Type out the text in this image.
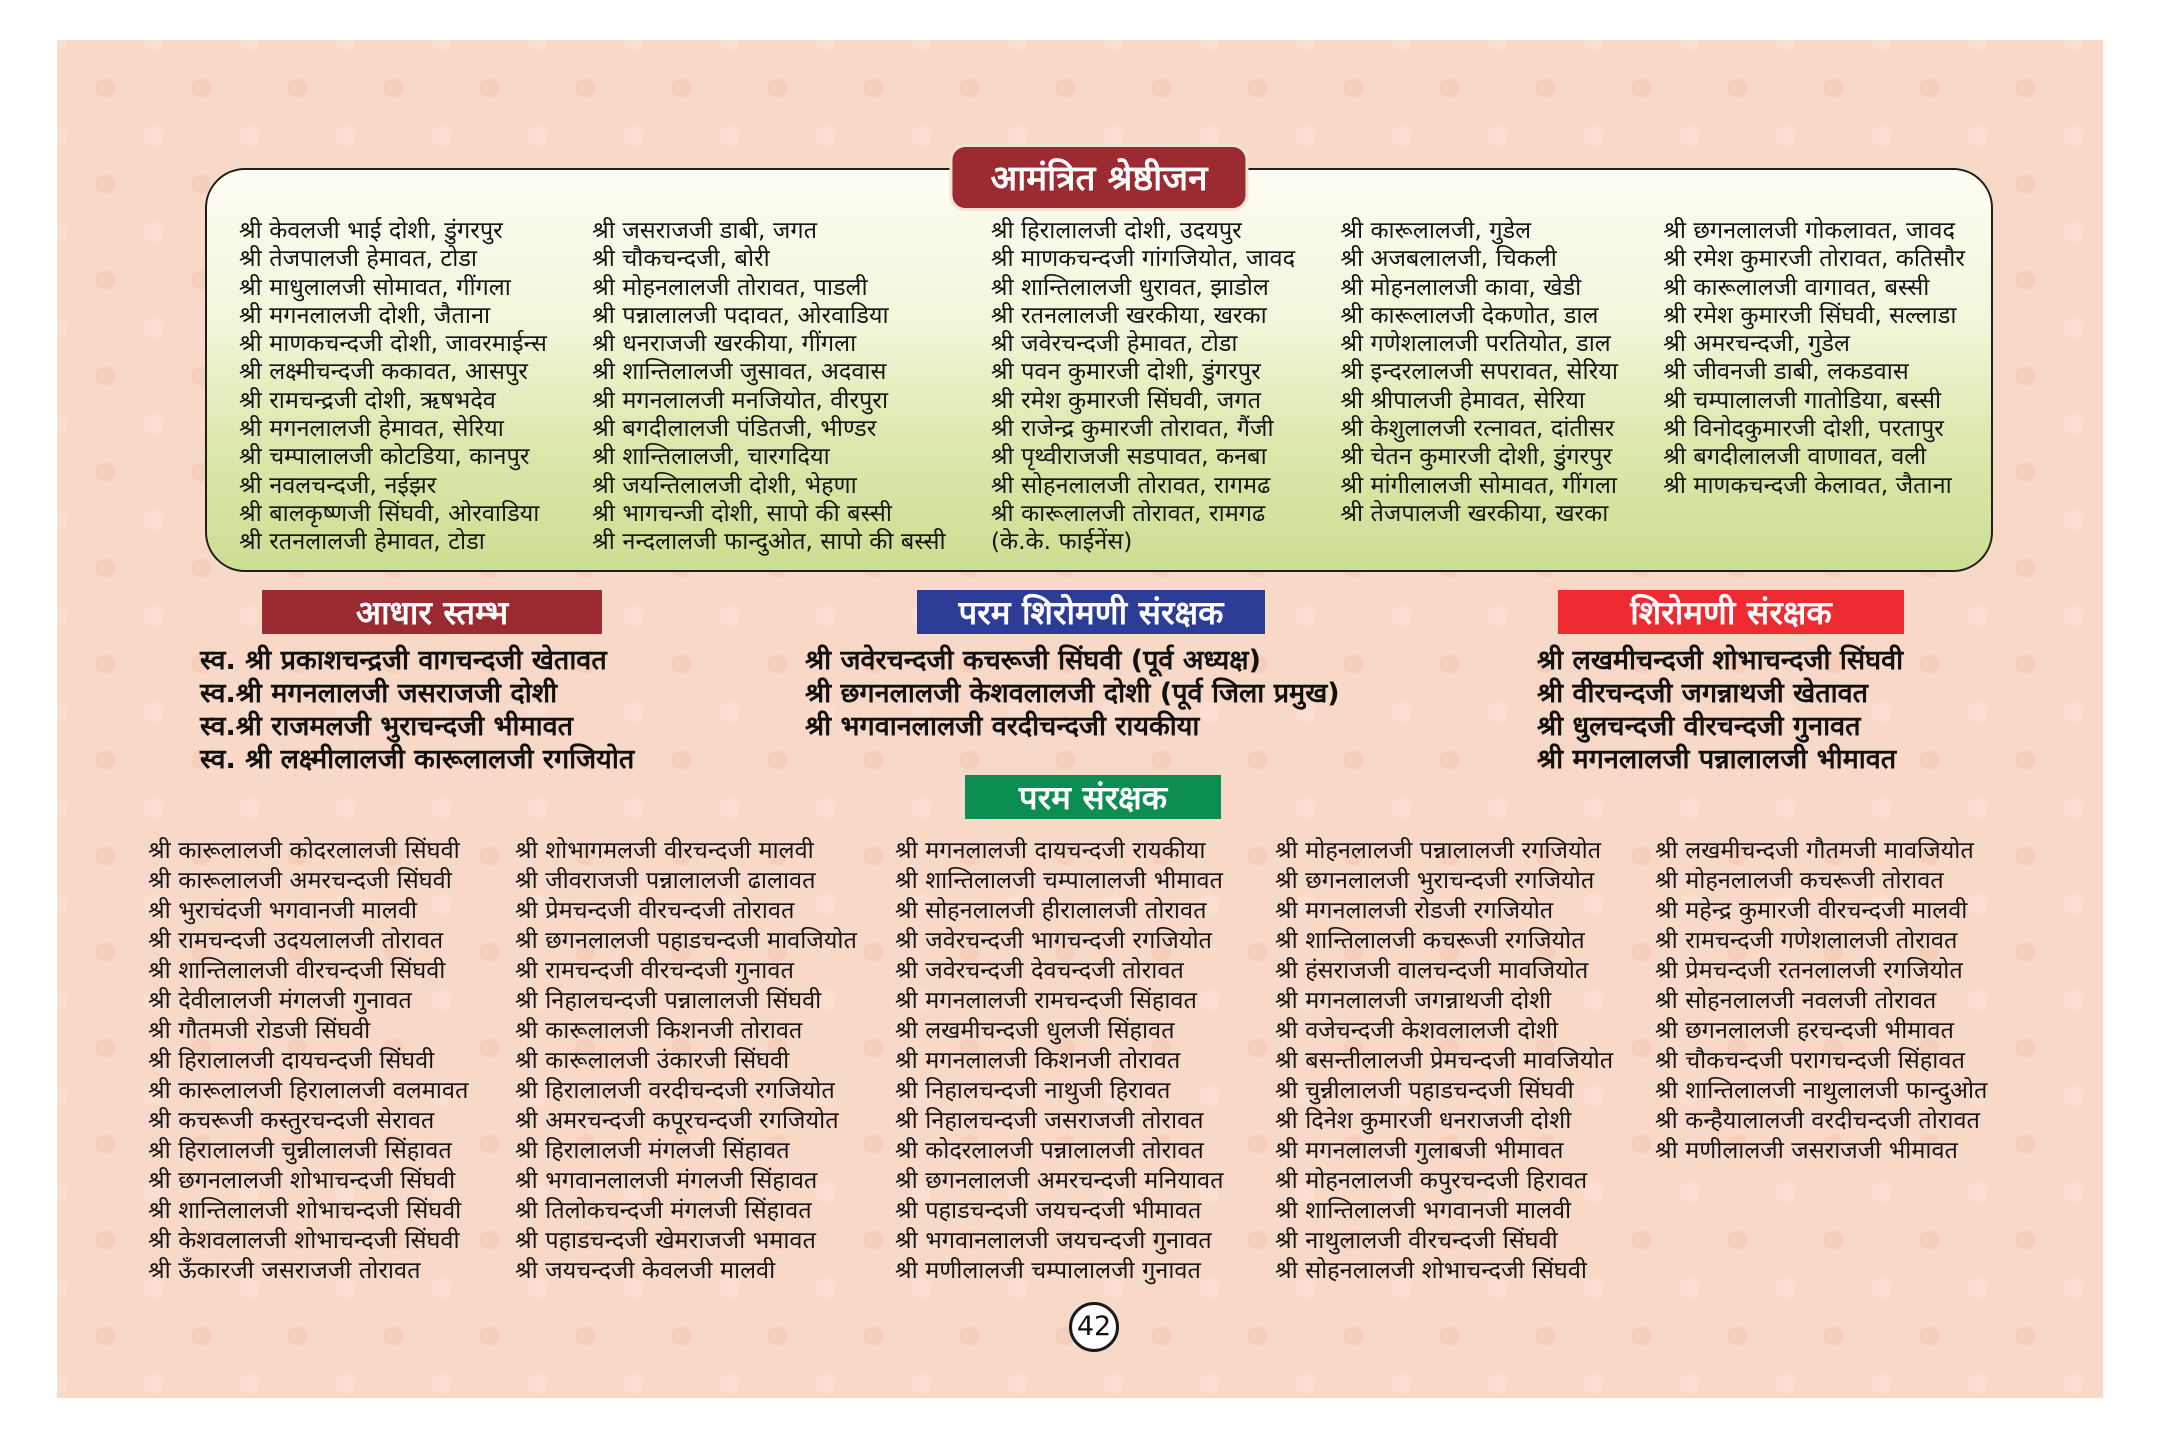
आमंत्रित श्रेष्ठीजन
श्री केवलजी भाई दोशी, डुंगरपुर
श्री तेजपालजी हेमावत, टोडा
श्री माधुलालजी सोमावत, गींगला
श्री मगनलालजी दोशी, जैताना
श्री माणकचन्दजी दोशी, जावरमाईन्स
श्री लक्ष्मीचन्दजी ककावत, आसपुर
श्री रामचन्द्रजी दोशी, ऋषभदेव
श्री मगनलालजी हेमावत, सेरिया
श्री चम्पालालजी कोटडिया, कानपुर
श्री नवलचन्दजी, नईझर
श्री बालकृष्णजी सिंघवी, ओरवाडिया
श्री रतनलालजी हेमावत, टोडा
श्री जसराजजी डाबी, जगत
श्री चौकचन्दजी, बोरी
श्री मोहनलालजी तोरावत, पाडली
श्री पन्नालालजी पदावत, ओरवाडिया
श्री धनराजजी खरकीया, गींगला
श्री शान्तिलालजी जुसावत, अदवास
श्री मगनलालजी मनजियोत, वीरपुरा
श्री बगदीलालजी पंडितजी, भीण्डर
श्री शान्तिलालजी, चारगदिया
श्री जयन्तिलालजी दोशी, भेहणा
श्री भागचन्जी दोशी, सापो की बस्सी
श्री नन्दलालजी फान्दुओत, सापो की बस्सी
श्री हिरालालजी दोशी, उदयपुर
श्री माणकचन्दजी गांगजियोत, जावद
श्री शान्तिलालजी धुरावत, झाडोल
श्री रतनलालजी खरकीया, खरका
श्री जवेरचन्दजी हेमावत, टोडा
श्री पवन कुमारजी दोशी, डुंगरपुर
श्री रमेश कुमारजी सिंघवी, जगत
श्री राजेन्द्र कुमारजी तोरावत, गैंजी
श्री पृथ्वीराजजी सडपावत, कनबा
श्री सोहनलालजी तोरावत, रागमढ
श्री कारूलालजी तोरावत, रामगढ
(के.के. फाईनेंस)
श्री कारूलालजी, गुडेल
श्री अजबलालजी, चिकली
श्री मोहनलालजी कावा, खेडी
श्री कारूलालजी देकणोत, डाल
श्री गणेशलालजी परतियोत, डाल
श्री इन्दरलालजी सपरावत, सेरिया
श्री श्रीपालजी हेमावत, सेरिया
श्री केशुलालजी रत्नावत, दांतीसर
श्री चेतन कुमारजी दोशी, डुंगरपुर
श्री मांगीलालजी सोमावत, गींगला
श्री तेजपालजी खरकीया, खरका
श्री छगनलालजी गोकलावत, जावद
श्री रमेश कुमारजी तोरावत, कतिसौर
श्री कारूलालजी वागावत, बस्सी
श्री रमेश कुमारजी सिंघवी, सल्लाडा
श्री अमरचन्दजी, गुडेल
श्री जीवनजी डाबी, लकडवास
श्री चम्पालालजी गातोडिया, बस्सी
श्री विनोदकुमारजी दोशी, परतापुर
श्री बगदीलालजी वाणावत, वली
श्री माणकचन्दजी केलावत, जैताना
आधार स्तम्भ
स्व. श्री प्रकाशचन्द्रजी वागचन्दजी खेतावत
स्व.श्री मगनलालजी जसराजजी दोशी
स्व.श्री राजमलजी भुराचन्दजी भीमावत
स्व. श्री लक्ष्मीलालजी कारूलालजी रगजियोत
परम शिरोमणी संरक्षक
श्री जवेरचन्दजी कचरूजी सिंघवी (पूर्व अध्यक्ष)
श्री छगनलालजी केशवलालजी दोशी (पूर्व जिला प्रमुख)
श्री भगवानलालजी वरदीचन्दजी रायकीया
शिरोमणी संरक्षक
श्री लखमीचन्दजी शोभाचन्दजी सिंघवी
श्री वीरचन्दजी जगन्नाथजी खेतावत
श्री धुलचन्दजी वीरचन्दजी गुनावत
श्री मगनलालजी पन्नालालजी भीमावत
परम संरक्षक
श्री कारूलालजी कोदरलालजी सिंघवी
श्री कारूलालजी अमरचन्दजी सिंघवी
श्री भुराचंदजी भगवानजी मालवी
श्री रामचन्दजी उदयलालजी तोरावत
श्री शान्तिलालजी वीरचन्दजी सिंघवी
श्री देवीलालजी मंगलजी गुनावत
श्री गौतमजी रोडजी सिंघवी
श्री हिरालालजी दायचन्दजी सिंघवी
श्री कारूलालजी हिरालालजी वलमावत
श्री कचरूजी कस्तुरचन्दजी सेरावत
श्री हिरालालजी चुन्नीलालजी सिंहावत
श्री छगनलालजी शोभाचन्दजी सिंघवी
श्री शान्तिलालजी शोभाचन्दजी सिंघवी
श्री केशवलालजी शोभाचन्दजी सिंघवी
श्री ऊँकारजी जसराजजी तोरावत
श्री शोभागमलजी वीरचन्दजी मालवी
श्री जीवराजजी पन्नालालजी ढालावत
श्री प्रेमचन्दजी वीरचन्दजी तोरावत
श्री छगनलालजी पहाडचन्दजी मावजियोत
श्री रामचन्दजी वीरचन्दजी गुनावत
श्री निहालचन्दजी पन्नालालजी सिंघवी
श्री कारूलालजी किशनजी तोरावत
श्री कारूलालजी उंकारजी सिंघवी
श्री हिरालालजी वरदीचन्दजी रगजियोत
श्री अमरचन्दजी कपूरचन्दजी रगजियोत
श्री हिरालालजी मंगलजी सिंहावत
श्री भगवानलालजी मंगलजी सिंहावत
श्री तिलोकचन्दजी मंगलजी सिंहावत
श्री पहाडचन्दजी खेमराजजी भमावत
श्री जयचन्दजी केवलजी मालवी
श्री मगनलालजी दायचन्दजी रायकीया
श्री शान्तिलालजी चम्पालालजी भीमावत
श्री सोहनलालजी हीरालालजी तोरावत
श्री जवेरचन्दजी भागचन्दजी रगजियोत
श्री जवेरचन्दजी देवचन्दजी तोरावत
श्री मगनलालजी रामचन्दजी सिंहावत
श्री लखमीचन्दजी धुलजी सिंहावत
श्री मगनलालजी किशनजी तोरावत
श्री निहालचन्दजी नाथुजी हिरावत
श्री निहालचन्दजी जसराजजी तोरावत
श्री कोदरलालजी पन्नालालजी तोरावत
श्री छगनलालजी अमरचन्दजी मनियावत
श्री पहाडचन्दजी जयचन्दजी भीमावत
श्री भगवानलालजी जयचन्दजी गुनावत
श्री मणीलालजी चम्पालालजी गुनावत
श्री मोहनलालजी पन्नालालजी रगजियोत
श्री छगनलालजी भुराचन्दजी रगजियोत
श्री मगनलालजी रोडजी रगजियोत
श्री शान्तिलालजी कचरूजी रगजियोत
श्री हंसराजजी वालचन्दजी मावजियोत
श्री मगनलालजी जगन्नाथजी दोशी
श्री वजेचन्दजी केशवलालजी दोशी
श्री बसन्तीलालजी प्रेमचन्दजी मावजियोत
श्री चुन्नीलालजी पहाडचन्दजी सिंघवी
श्री दिनेश कुमारजी धनराजजी दोशी
श्री मगनलालजी गुलाबजी भीमावत
श्री मोहनलालजी कपुरचन्दजी हिरावत
श्री शान्तिलालजी भगवानजी मालवी
श्री नाथुलालजी वीरचन्दजी सिंघवी
श्री सोहनलालजी शोभाचन्दजी सिंघवी
श्री लखमीचन्दजी गौतमजी मावजियोत
श्री मोहनलालजी कचरूजी तोरावत
श्री महेन्द्र कुमारजी वीरचन्दजी मालवी
श्री रामचन्दजी गणेशलालजी तोरावत
श्री प्रेमचन्दजी रतनलालजी रगजियोत
श्री सोहनलालजी नवलजी तोरावत
श्री छगनलालजी हरचन्दजी भीमावत
श्री चौकचन्दजी परागचन्दजी सिंहावत
श्री शान्तिलालजी नाथुलालजी फान्दुओत
श्री कन्हैयालालजी वरदीचन्दजी तोरावत
श्री मणीलालजी जसराजजी भीमावत
42
